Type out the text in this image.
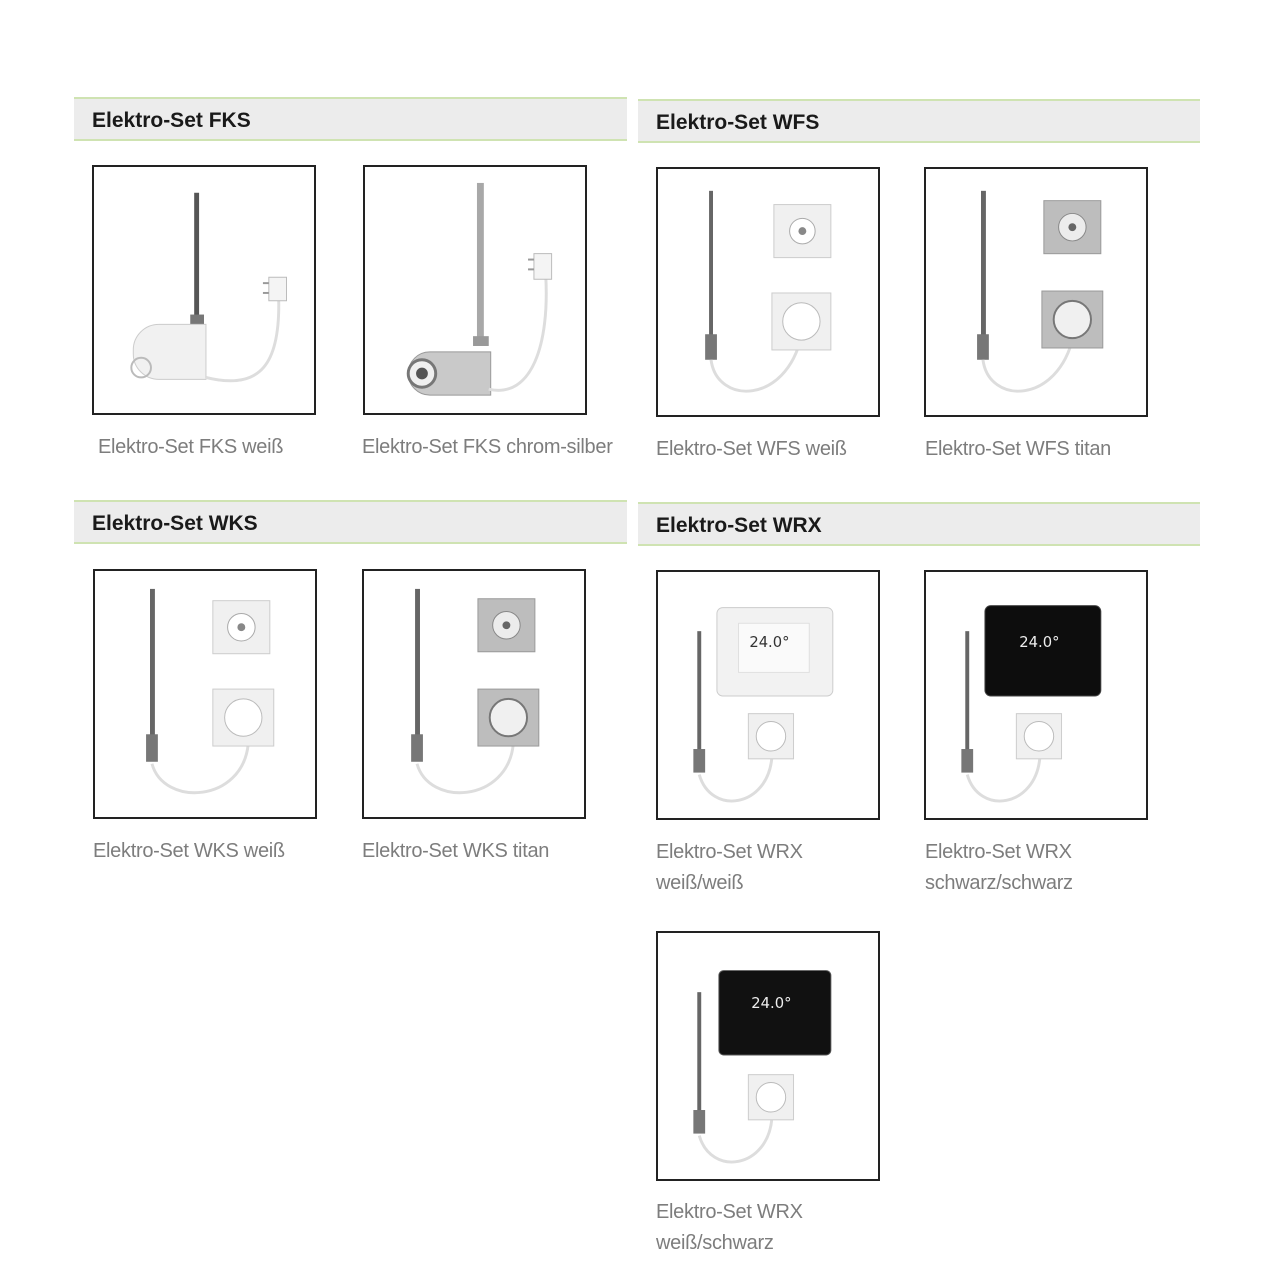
Elektro-Set FKS	Elektro-Set WFS
Elektro-Set WKS	Elektro-Set WRX
Elektro-Set FKS weiß	Elektro-Set FKS chrom-silber	Elektro-Set WFS weiß	Elektro-Set WFS titan
Elektro-Set WKS weiß	Elektro-Set WKS titan
24.0°
Elektro-Set WRX
weiß/weiß
24.0°
Elektro-Set WRX
schwarz/schwarz
24.0°
Elektro-Set WRX
weiß/schwarz
